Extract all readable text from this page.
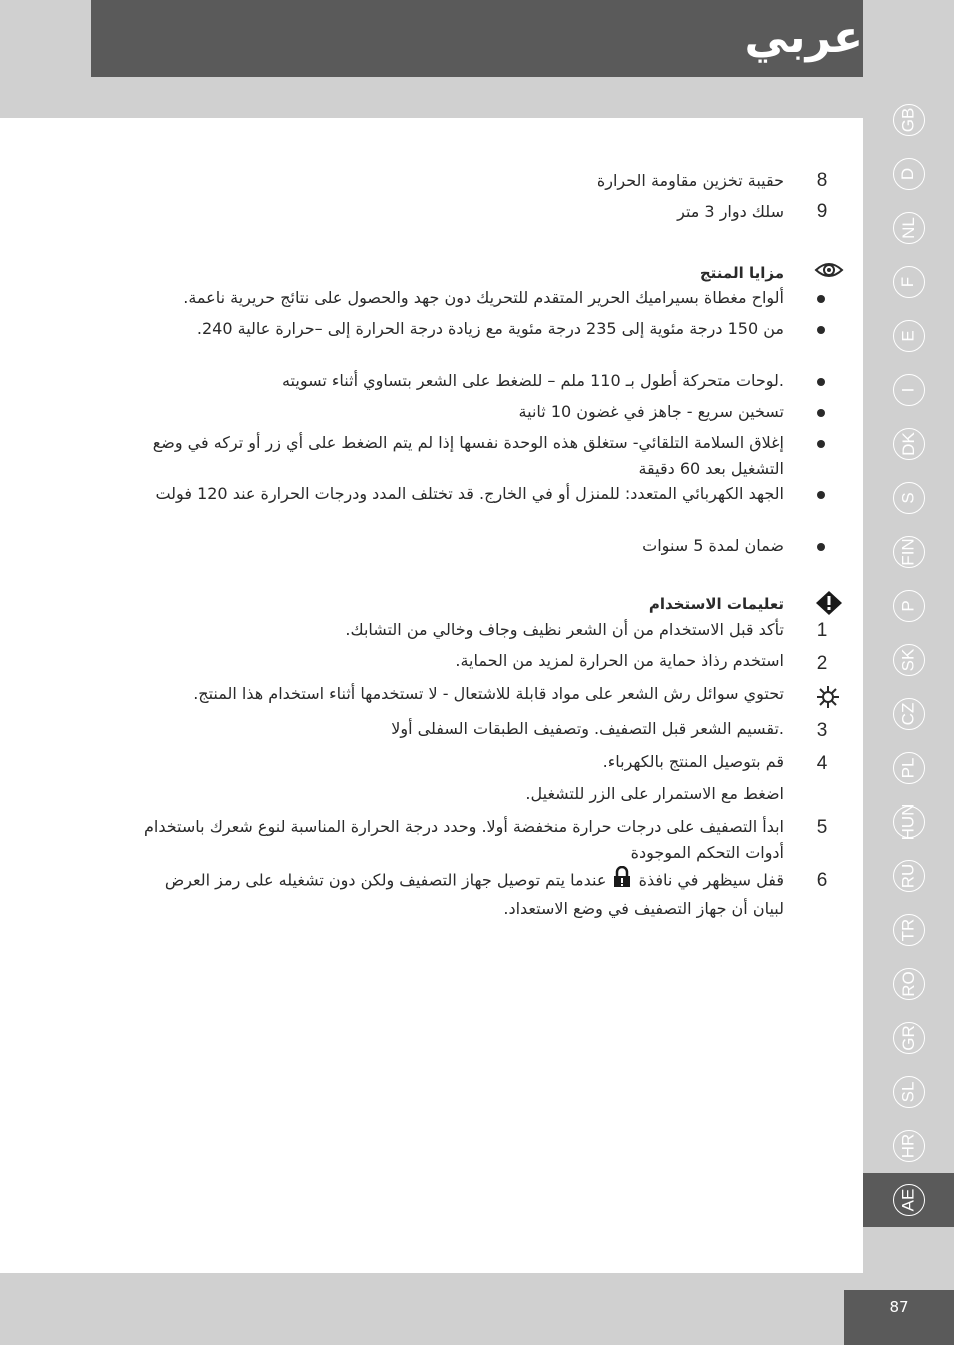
عربي
87
GB
D
NL
F
E
I
DK
S
FIN
P
SK
CZ
PL
HUN
RU
TR
RO
GR
SL
HR
AE
8
حقيبة تخزين مقاومة الحرارة
9
سلك دوار 3 متر
مزايا المنتج
ألواح مغطاة بسيراميك الحرير المتقدم للتحريك دون جهد والحصول على نتائج حريرية ناعمة.
من 150 درجة مئوية إلى 235 درجة مئوية مع زيادة درجة الحرارة إلى –حرارة عالية 240.
.لوحات متحركة أطول بـ 110 ملم – للضغط على الشعر بتساوي أثناء تسويته
تسخين سريع - جاهز في غضون 10 ثانية
إغلاق السلامة التلقائي- ستغلق هذه الوحدة نفسها إذا لم يتم الضغط على أي زر أو تركه في وضع التشغيل بعد 60 دقيقة
الجهد الكهربائي المتعدد: للمنزل أو في الخارج. قد تختلف المدد ودرجات الحرارة عند 120 فولت
ضمان لمدة 5 سنوات
تعليمات الاستخدام
1
تأكد قبل الاستخدام من أن الشعر نظيف وجاف وخالي من التشابك.
2
استخدم رذاذ حماية من الحرارة لمزيد من الحماية.
تحتوي سوائل رش الشعر على مواد قابلة للاشتعال - لا تستخدمها أثناء استخدام هذا المنتج.
3
.تقسيم الشعر قبل التصفيف. وتصفيف الطبقات السفلى أولا
4
قم بتوصيل المنتج بالكهرباء.
اضغط مع الاستمرار على الزر للتشغيل.
5
ابدأ التصفيف على درجات حرارة منخفضة أولا. وحدد درجة الحرارة المناسبة لنوع شعرك باستخدام أدوات التحكم الموجودة
6
قفل سيظهر في نافذة  عندما يتم توصيل جهاز التصفيف ولكن دون تشغيله على رمز العرض لبيان أن جهاز التصفيف في وضع الاستعداد.
